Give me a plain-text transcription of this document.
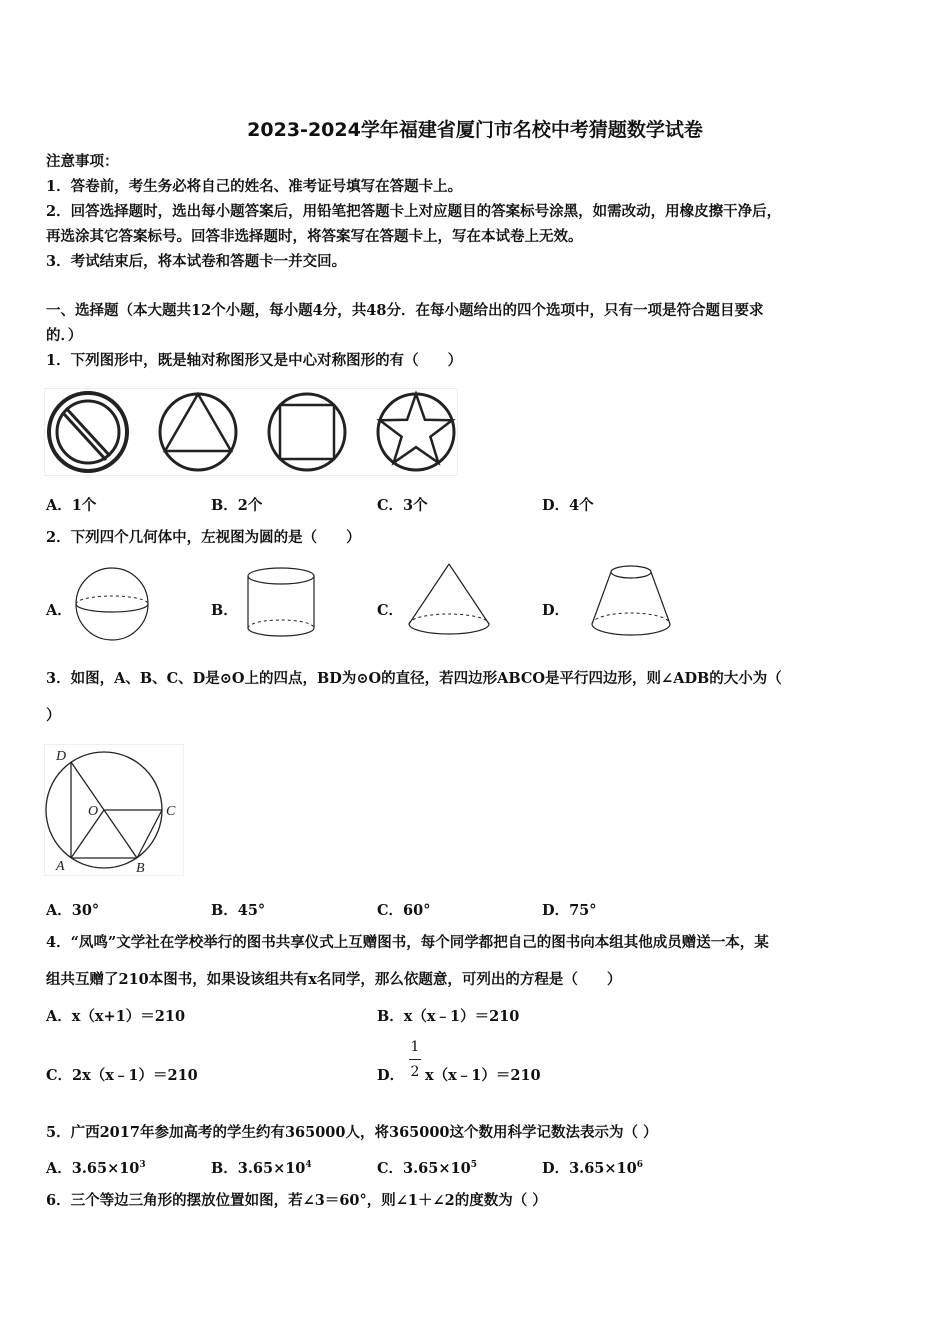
2023-2024学年福建省厦门市名校中考猜题数学试卷
注意事项：
1．答卷前，考生务必将自己的姓名、准考证号填写在答题卡上。
2．回答选择题时，选出每小题答案后，用铅笔把答题卡上对应题目的答案标号涂黑，如需改动，用橡皮擦干净后，
再选涂其它答案标号。回答非选择题时，将答案写在答题卡上，写在本试卷上无效。
3．考试结束后，将本试卷和答题卡一并交回。
一、选择题（本大题共12个小题，每小题4分，共48分．在每小题给出的四个选项中，只有一项是符合题目要求
的．）
1．下列图形中，既是轴对称图形又是中心对称图形的有（　　）
A．1个	B．2个	C．3个	D．4个
2．下列四个几何体中，左视图为圆的是（　　）
A．	B．	C．	D．
3．如图，A、B、C、D是⊙O上的四点，BD为⊙O的直径，若四边形ABCO是平行四边形，则∠ADB的大小为（
）
D
O	C
A	B
A．30°	B．45°	C．60°	D．75°
4．“凤鸣”文学社在学校举行的图书共享仪式上互赠图书，每个同学都把自己的图书向本组其他成员赠送一本，某
组共互赠了210本图书，如果设该组共有x名同学，那么依题意，可列出的方程是（　　）
A．x（x+1）＝210	B．x（x﹣1）＝210
C．2x（x﹣1）＝210	D．
1
2 x（x﹣1）＝210
5．广西2017年参加高考的学生约有365000人，将365000这个数用科学记数法表示为（ ）
A．$3.65\times 10^3$	B．$3.65\times 10^4$	C．$3.65\times 10^5$	D．$3.65\times 10^6$
6．三个等边三角形的摆放位置如图，若∠3＝60°，则∠1＋∠2的度数为（ ）
